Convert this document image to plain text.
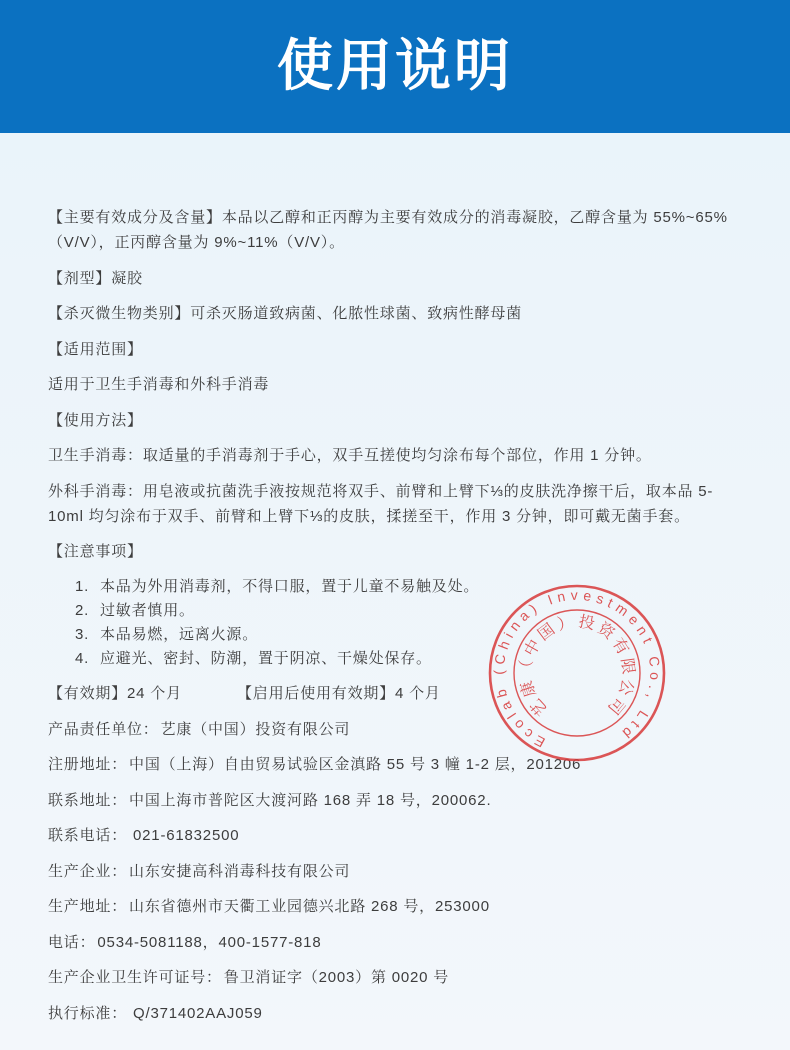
使用说明
【主要有效成分及含量】本品以乙醇和正丙醇为主要有效成分的消毒凝胶，乙醇含量为 55%~65%
（V/V），正丙醇含量为 9%~11%（V/V）。
【剂型】凝胶
【杀灭微生物类别】可杀灭肠道致病菌、化脓性球菌、致病性酵母菌
【适用范围】
适用于卫生手消毒和外科手消毒
【使用方法】
卫生手消毒：取适量的手消毒剂于手心，双手互搓使均匀涂布每个部位，作用 1 分钟。
外科手消毒：用皂液或抗菌洗手液按规范将双手、前臂和上臂下⅓的皮肤洗净擦干后，取本品 5-
10ml 均匀涂布于双手、前臂和上臂下⅓的皮肤，揉搓至干，作用 3 分钟，即可戴无菌手套。
【注意事项】
1. 本品为外用消毒剂，不得口服，置于儿童不易触及处。
2. 过敏者慎用。
3. 本品易燃，远离火源。
4. 应避光、密封、防潮，置于阴凉、干燥处保存。
【有效期】24 个月	【启用后使用有效期】4 个月
产品责任单位： 艺康（中国）投资有限公司
注册地址： 中国（上海）自由贸易试验区金滇路 55 号 3 幢 1-2 层，201206
联系地址： 中国上海市普陀区大渡河路 168 弄 18 号，200062.
联系电话： 021-61832500
生产企业： 山东安捷高科消毒科技有限公司
生产地址： 山东省德州市天衢工业园德兴北路 268 号，253000
电话： 0534-5081188，400-1577-818
生产企业卫生许可证号： 鲁卫消证字（2003）第 0020 号
执行标准： Q/371402AAJ059
Ecolab (China) Investment Co., Ltd
艺康（中国）投资有限公司
